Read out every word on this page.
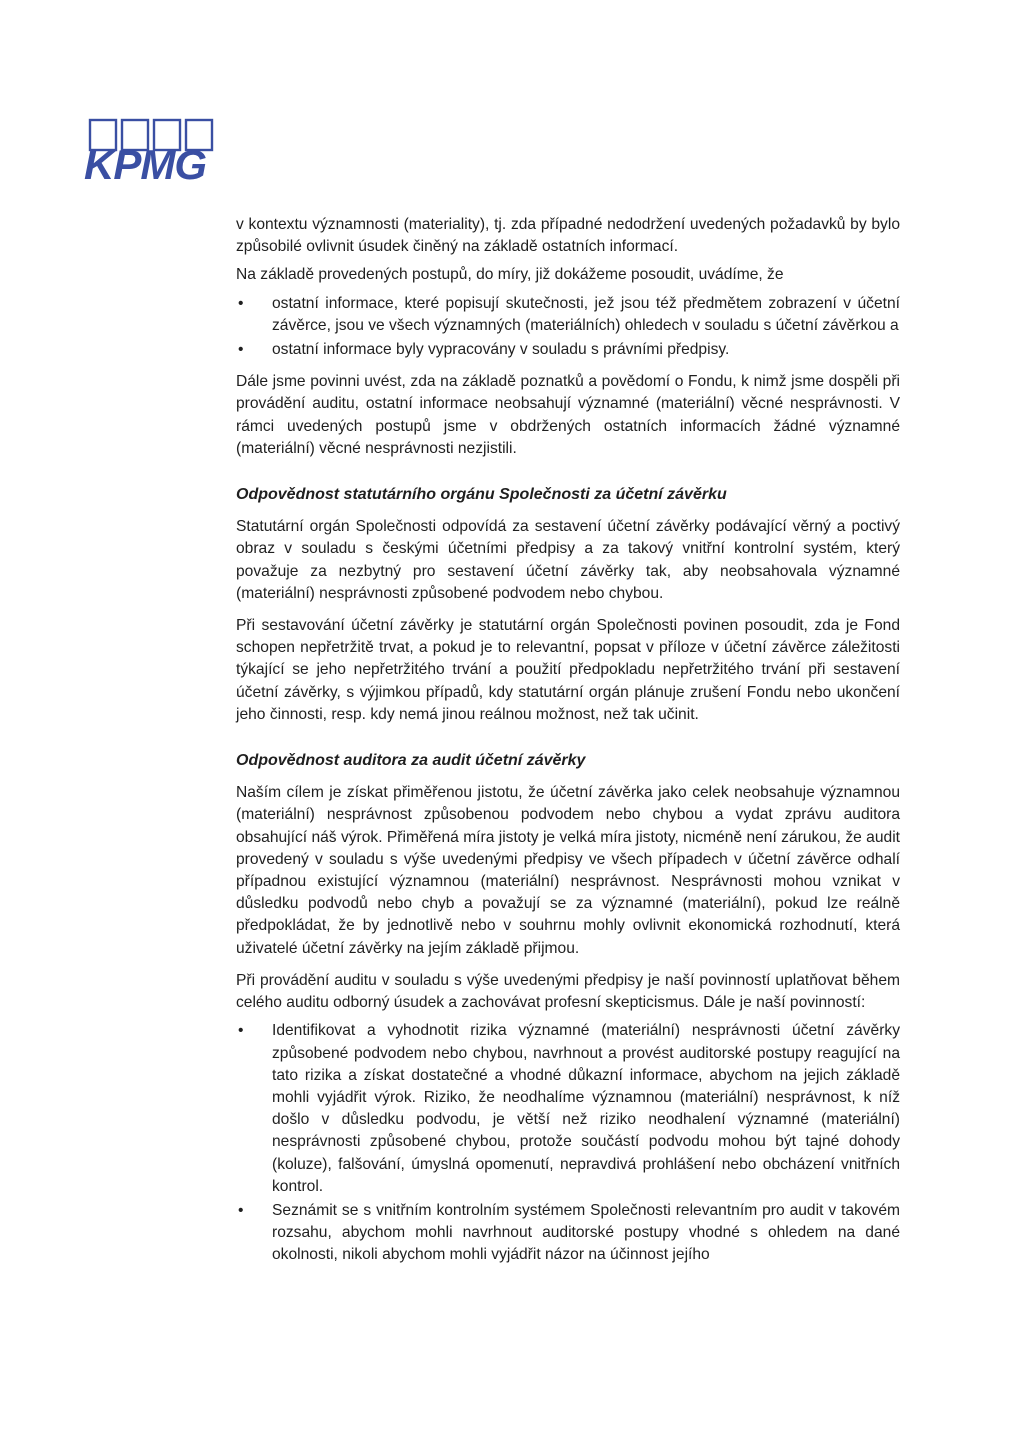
KPMG

v kontextu významnosti (materiality), tj. zda případné nedodržení uvedených požadavků by bylo způsobilé ovlivnit úsudek činěný na základě ostatních informací.

Na základě provedených postupů, do míry, již dokážeme posoudit, uvádíme, že

• ostatní informace, které popisují skutečnosti, jež jsou též předmětem zobrazení v účetní závěrce, jsou ve všech významných (materiálních) ohledech v souladu s účetní závěrkou a
• ostatní informace byly vypracovány v souladu s právními předpisy.

Dále jsme povinni uvést, zda na základě poznatků a povědomí o Fondu, k nimž jsme dospěli při provádění auditu, ostatní informace neobsahují významné (materiální) věcné nesprávnosti. V rámci uvedených postupů jsme v obdržených ostatních informacích žádné významné (materiální) věcné nesprávnosti nezjistili.

Odpovědnost statutárního orgánu Společnosti za účetní závěrku

Statutární orgán Společnosti odpovídá za sestavení účetní závěrky podávající věrný a poctivý obraz v souladu s českými účetními předpisy a za takový vnitřní kontrolní systém, který považuje za nezbytný pro sestavení účetní závěrky tak, aby neobsahovala významné (materiální) nesprávnosti způsobené podvodem nebo chybou.

Při sestavování účetní závěrky je statutární orgán Společnosti povinen posoudit, zda je Fond schopen nepřetržitě trvat, a pokud je to relevantní, popsat v příloze v účetní závěrce záležitosti týkající se jeho nepřetržitého trvání a použití předpokladu nepřetržitého trvání při sestavení účetní závěrky, s výjimkou případů, kdy statutární orgán plánuje zrušení Fondu nebo ukončení jeho činnosti, resp. kdy nemá jinou reálnou možnost, než tak učinit.

Odpovědnost auditora za audit účetní závěrky

Naším cílem je získat přiměřenou jistotu, že účetní závěrka jako celek neobsahuje významnou (materiální) nesprávnost způsobenou podvodem nebo chybou a vydat zprávu auditora obsahující náš výrok. Přiměřená míra jistoty je velká míra jistoty, nicméně není zárukou, že audit provedený v souladu s výše uvedenými předpisy ve všech případech v účetní závěrce odhalí případnou existující významnou (materiální) nesprávnost. Nesprávnosti mohou vznikat v důsledku podvodů nebo chyb a považují se za významné (materiální), pokud lze reálně předpokládat, že by jednotlivě nebo v souhrnu mohly ovlivnit ekonomická rozhodnutí, která uživatelé účetní závěrky na jejím základě přijmou.

Při provádění auditu v souladu s výše uvedenými předpisy je naší povinností uplatňovat během celého auditu odborný úsudek a zachovávat profesní skepticismus. Dále je naší povinností:

• Identifikovat a vyhodnotit rizika významné (materiální) nesprávnosti účetní závěrky způsobené podvodem nebo chybou, navrhnout a provést auditorské postupy reagující na tato rizika a získat dostatečné a vhodné důkazní informace, abychom na jejich základě mohli vyjádřit výrok. Riziko, že neodhalíme významnou (materiální) nesprávnost, k níž došlo v důsledku podvodu, je větší než riziko neodhalení významné (materiální) nesprávnosti způsobené chybou, protože součástí podvodu mohou být tajné dohody (koluze), falšování, úmyslná opomenutí, nepravdivá prohlášení nebo obcházení vnitřních kontrol.
• Seznámit se s vnitřním kontrolním systémem Společnosti relevantním pro audit v takovém rozsahu, abychom mohli navrhnout auditorské postupy vhodné s ohledem na dané okolnosti, nikoli abychom mohli vyjádřit názor na účinnost jejího
